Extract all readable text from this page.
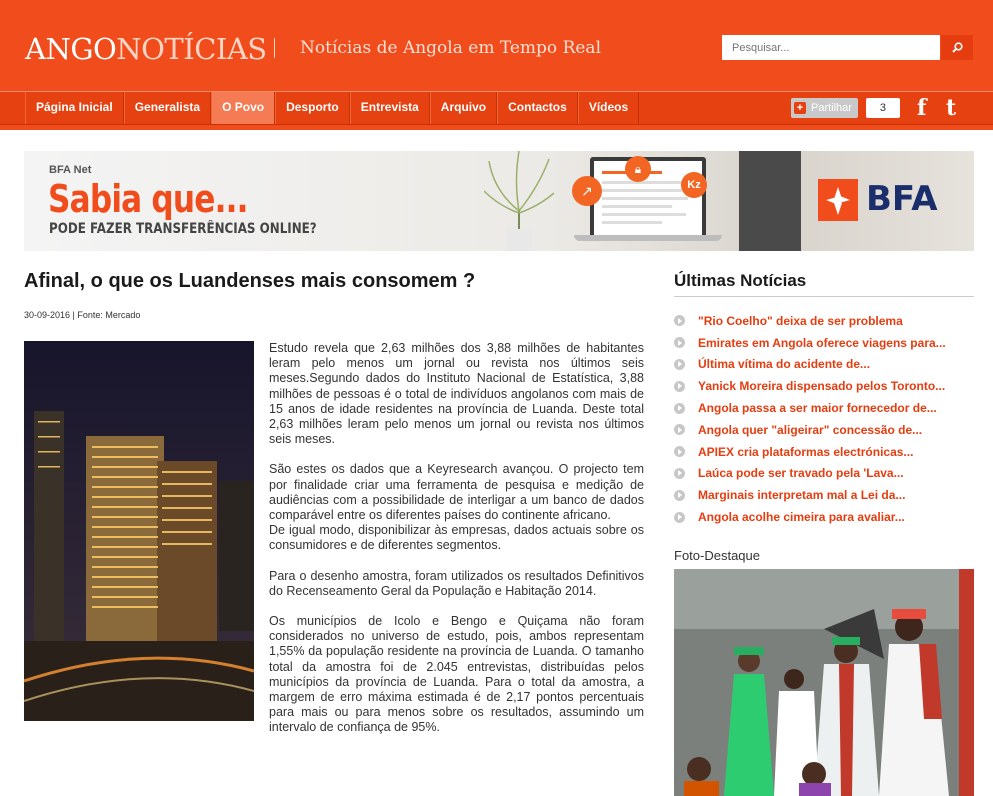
ANGONOTÍCIAS Notícias de Angola em Tempo Real
Pesquisar...
Página Inicial	Generalista	O Povo	Desporto	Entrevista	Arquivo	Contactos	Vídeos	+ Partilhar	3	f t
BFA Net
Sabia que...
PODE FAZER TRANSFERÊNCIAS ONLINE?
↗
🔒︎
Kz	BFA
Afinal, o que os Luandenses mais consomem ?
30-09-2016 | Fonte: Mercado

Estudo revela que 2,63 milhões dos 3,88 milhões de habitantes leram pelo menos um jornal ou revista nos últimos seis meses.Segundo dados do Instituto Nacional de Estatística, 3,88 milhões de pessoas é o total de indivíduos angolanos com mais de 15 anos de idade residentes na província de Luanda. Deste total 2,63 milhões leram pelo menos um jornal ou revista nos últimos seis meses.

São estes os dados que a Keyresearch avançou. O projecto tem por finalidade criar uma ferramenta de pesquisa e medição de audiências com a possibilidade de interligar a um banco de dados comparável entre os diferentes países do continente africano.

De igual modo, disponibilizar às empresas, dados actuais sobre os consumidores e de diferentes segmentos.

Para o desenho amostra, foram utilizados os resultados Definitivos do Recenseamento Geral da População e Habitação 2014.

Os municípios de Icolo e Bengo e Quiçama não foram considerados no universo de estudo, pois, ambos representam 1,55% da população residente na província de Luanda. O tamanho total da amostra foi de 2.045 entrevistas, distribuídas pelos municípios da província de Luanda. Para o total da amostra, a margem de erro máxima estimada é de 2,17 pontos percentuais para mais ou para menos sobre os resultados, assumindo um intervalo de confiança de 95%.

Últimas Notícias
"Rio Coelho" deixa de ser problema
Emirates em Angola oferece viagens para...
Última vítima do acidente de...
Yanick Moreira dispensado pelos Toronto...
Angola passa a ser maior fornecedor de...
Angola quer "aligeirar" concessão de...
APIEX cria plataformas electrónicas...
Laúca pode ser travado pela 'Lava...
Marginais interpretam mal a Lei da...
Angola acolhe cimeira para avaliar...
Foto-Destaque
